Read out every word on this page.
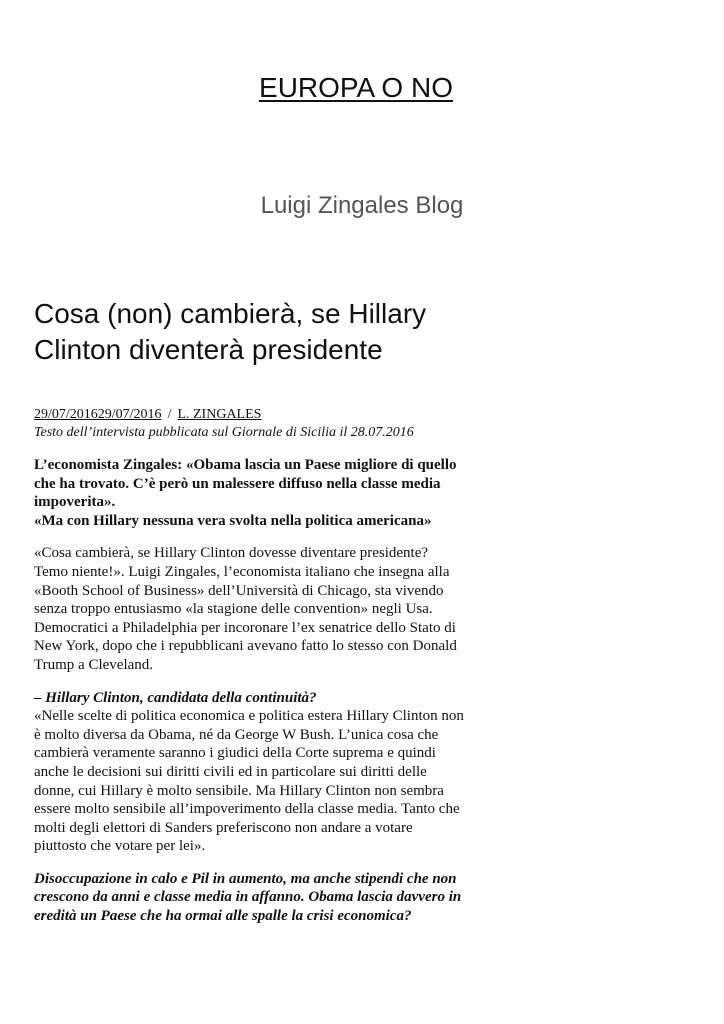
EUROPA O NO
Luigi Zingales Blog
Cosa (non) cambierà, se Hillary Clinton diventerà presidente
29/07/201629/07/2016 / L. ZINGALES
Testo dell’intervista pubblicata sul Giornale di Sicilia il 28.07.2016

L’economista Zingales: «Obama lascia un Paese migliore di quello che ha trovato. C’è però un malessere diffuso nella classe media impoverita».
«Ma con Hillary nessuna vera svolta nella politica americana»

«Cosa cambierà, se Hillary Clinton dovesse diventare presidente? Temo niente!». Luigi Zingales, l’economista italiano che insegna alla «Booth School of Business» dell’Università di Chicago, sta vivendo senza troppo entusiasmo «la stagione delle convention» negli Usa. Democratici a Philadelphia per incoronare l’ex senatrice dello Stato di New York, dopo che i repubblicani avevano fatto lo stesso con Donald Trump a Cleveland.

– Hillary Clinton, candidata della continuità?
«Nelle scelte di politica economica e politica estera Hillary Clinton non è molto diversa da Obama, né da George W Bush. L’unica cosa che cambierà veramente saranno i giudici della Corte suprema e quindi anche le decisioni sui diritti civili ed in particolare sui diritti delle donne, cui Hillary è molto sensibile. Ma Hillary Clinton non sembra essere molto sensibile all’impoverimento della classe media. Tanto che molti degli elettori di Sanders preferiscono non andare a votare piuttosto che votare per lei».

Disoccupazione in calo e Pil in aumento, ma anche stipendi che non crescono da anni e classe media in affanno. Obama lascia davvero in eredità un Paese che ha ormai alle spalle la crisi economica?
